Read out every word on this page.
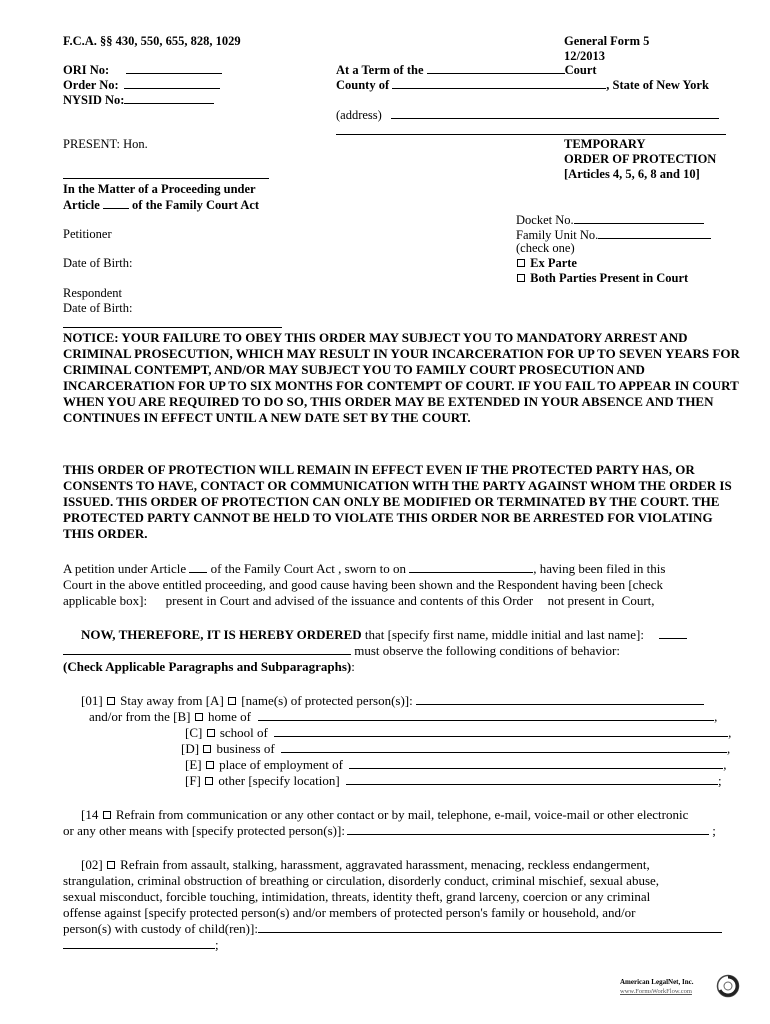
F.C.A. §§ 430, 550, 655, 828, 1029
ORI No:
Order No:
NYSID No:
General Form 5
12/2013
At a Term of the	Court
County of	, State of New York
(address)
PRESENT: Hon.	TEMPORARY
ORDER OF PROTECTION
[Articles 4, 5, 6, 8 and 10]
In the Matter of a Proceeding under
Article	of the Family Court Act
Docket No.
Family Unit No.
(check one)
Ex Parte
Both Parties Present in Court
Petitioner
Date of Birth:
Respondent
Date of Birth:
NOTICE: YOUR FAILURE TO OBEY THIS ORDER MAY SUBJECT YOU TO MANDATORY ARREST AND CRIMINAL PROSECUTION, WHICH MAY RESULT IN YOUR INCARCERATION FOR UP TO SEVEN YEARS FOR CRIMINAL CONTEMPT, AND/OR MAY SUBJECT YOU TO FAMILY COURT PROSECUTION AND INCARCERATION FOR UP TO SIX MONTHS FOR CONTEMPT OF COURT. IF YOU FAIL TO APPEAR IN COURT WHEN YOU ARE REQUIRED TO DO SO, THIS ORDER MAY BE EXTENDED IN YOUR ABSENCE AND THEN CONTINUES IN EFFECT UNTIL A NEW DATE SET BY THE COURT.
THIS ORDER OF PROTECTION WILL REMAIN IN EFFECT EVEN IF THE PROTECTED PARTY HAS, OR CONSENTS TO HAVE, CONTACT OR COMMUNICATION WITH THE PARTY AGAINST WHOM THE ORDER IS ISSUED. THIS ORDER OF PROTECTION CAN ONLY BE MODIFIED OR TERMINATED BY THE COURT. THE PROTECTED PARTY CANNOT BE HELD TO VIOLATE THIS ORDER NOR BE ARRESTED FOR VIOLATING THIS ORDER.
A petition under Article of the Family Court Act , sworn to on	, having been filed in this
Court in the above entitled proceeding, and good cause having been shown and the Respondent having been [check
applicable box]: present in Court and advised of the issuance and contents of this Order not present in Court,
NOW, THEREFORE, IT IS HEREBY ORDERED that [specify first name, middle initial and last name]:
must observe the following conditions of behavior:
(Check Applicable Paragraphs and Subparagraphs):
[01] Stay away from [A] [name(s) of protected person(s)]:
and/or from the [B] home of	,
[C] school of	,
[D] business of	,
[E] place of employment of	,
[F] other [specify location]	;
[14 Refrain from communication or any other contact or by mail, telephone, e-mail, voice-mail or other electronic
or any other means with [specify protected person(s)]:	;
[02] Refrain from assault, stalking, harassment, aggravated harassment, menacing, reckless endangerment,
strangulation, criminal obstruction of breathing or circulation, disorderly conduct, criminal mischief, sexual abuse,
sexual misconduct, forcible touching, intimidation, threats, identity theft, grand larceny, coercion or any criminal
offense against [specify protected person(s) and/or members of protected person's family or household, and/or
person(s) with custody of child(ren)]:
;
American LegalNet, Inc.
www.FormsWorkFlow.com
